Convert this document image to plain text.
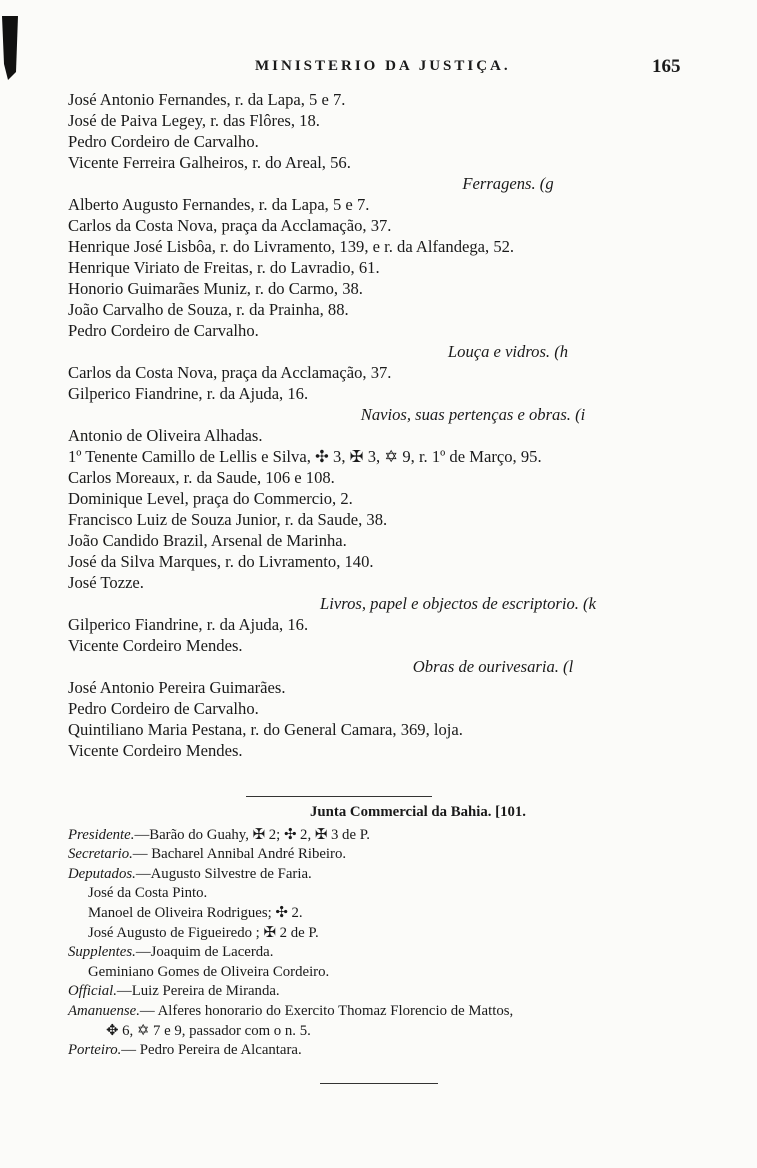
MINISTERIO DA JUSTIÇA.	165
José Antonio Fernandes, r. da Lapa, 5 e 7.
José de Paiva Legey, r. das Flôres, 18.
Pedro Cordeiro de Carvalho.
Vicente Ferreira Galheiros, r. do Areal, 56.
Ferragens. (g
Alberto Augusto Fernandes, r. da Lapa, 5 e 7.
Carlos da Costa Nova, praça da Acclamação, 37.
Henrique José Lisbôa, r. do Livramento, 139, e r. da Alfandega, 52.
Henrique Viriato de Freitas, r. do Lavradio, 61.
Honorio Guimarães Muniz, r. do Carmo, 38.
João Carvalho de Souza, r. da Prainha, 88.
Pedro Cordeiro de Carvalho.
Louça e vidros. (h
Carlos da Costa Nova, praça da Acclamação, 37.
Gilperico Fiandrine, r. da Ajuda, 16.
Navios, suas pertenças e obras. (i
Antonio de Oliveira Alhadas.
1º Tenente Camillo de Lellis e Silva, ✣ 3, ✠ 3, ✡ 9, r. 1º de Março, 95.
Carlos Moreaux, r. da Saude, 106 e 108.
Dominique Level, praça do Commercio, 2.
Francisco Luiz de Souza Junior, r. da Saude, 38.
João Candido Brazil, Arsenal de Marinha.
José da Silva Marques, r. do Livramento, 140.
José Tozze.
Livros, papel e objectos de escriptorio. (k
Gilperico Fiandrine, r. da Ajuda, 16.
Vicente Cordeiro Mendes.
Obras de ourivesaria. (l
José Antonio Pereira Guimarães.
Pedro Cordeiro de Carvalho.
Quintiliano Maria Pestana, r. do General Camara, 369, loja.
Vicente Cordeiro Mendes.
Junta Commercial da Bahia. [101.
Presidente.—Barão do Guahy, ✠ 2; ✣ 2, ✠ 3 de P.
Secretario.— Bacharel Annibal André Ribeiro.
Deputados.—Augusto Silvestre de Faria.
José da Costa Pinto.
Manoel de Oliveira Rodrigues; ✣ 2.
José Augusto de Figueiredo ; ✠ 2 de P.
Supplentes.—Joaquim de Lacerda.
Geminiano Gomes de Oliveira Cordeiro.
Official.—Luiz Pereira de Miranda.
Amanuense.— Alferes honorario do Exercito Thomaz Florencio de Mattos,
✥ 6, ✡ 7 e 9, passador com o n. 5.
Porteiro.— Pedro Pereira de Alcantara.
